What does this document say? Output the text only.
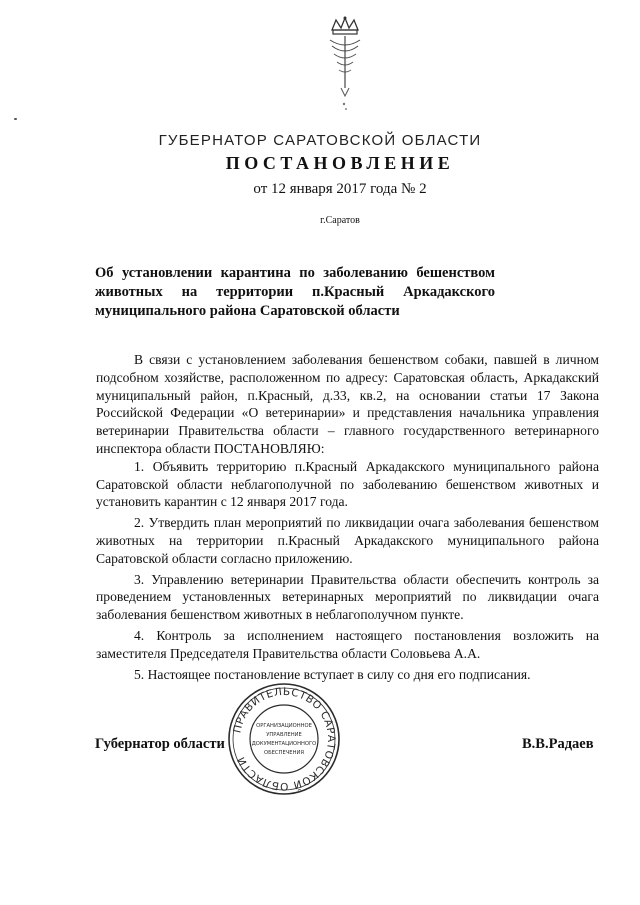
ГУБЕРНАТОР САРАТОВСКОЙ ОБЛАСТИ
ПОСТАНОВЛЕНИЕ
от 12 января 2017 года № 2
г.Саратов
Об установлении карантина по заболеванию бешенством
животных на территории п.Красный Аркадакского
муниципального района Саратовской области

В связи с установлением заболевания бешенством собаки, павшей в личном подсобном хозяйстве, расположенном по адресу: Саратовская область, Аркадакский муниципальный район, п.Красный, д.33, кв.2, на основании статьи 17 Закона Российской Федерации «О ветеринарии» и представления начальника управления ветеринарии Правительства области – главного государственного ветеринарного инспектора области ПОСТАНОВЛЯЮ:

1. Объявить территорию п.Красный Аркадакского муниципального района Саратовской области неблагополучной по заболеванию бешенством животных и установить карантин с 12 января 2017 года.

2. Утвердить план мероприятий по ликвидации очага заболевания бешенством животных на территории п.Красный Аркадакского муниципального района Саратовской области согласно приложению.

3. Управлению ветеринарии Правительства области обеспечить контроль за проведением установленных ветеринарных мероприятий по ликвидации очага заболевания бешенством животных в неблагополучном пункте.

4. Контроль за исполнением настоящего постановления возложить на заместителя Председателя Правительства области Соловьева А.А.

5. Настоящее постановление вступает в силу со дня его подписания.

ПРАВИТЕЛЬСТВО САРАТОВСКОЙ ОБЛАСТИ
ОРГАНИЗАЦИОННОЕ
УПРАВЛЕНИЕ
ДОКУМЕНТАЦИОННОГО
ОБЕСПЕЧЕНИЯ
Губернатор области	В.В.Радаев
